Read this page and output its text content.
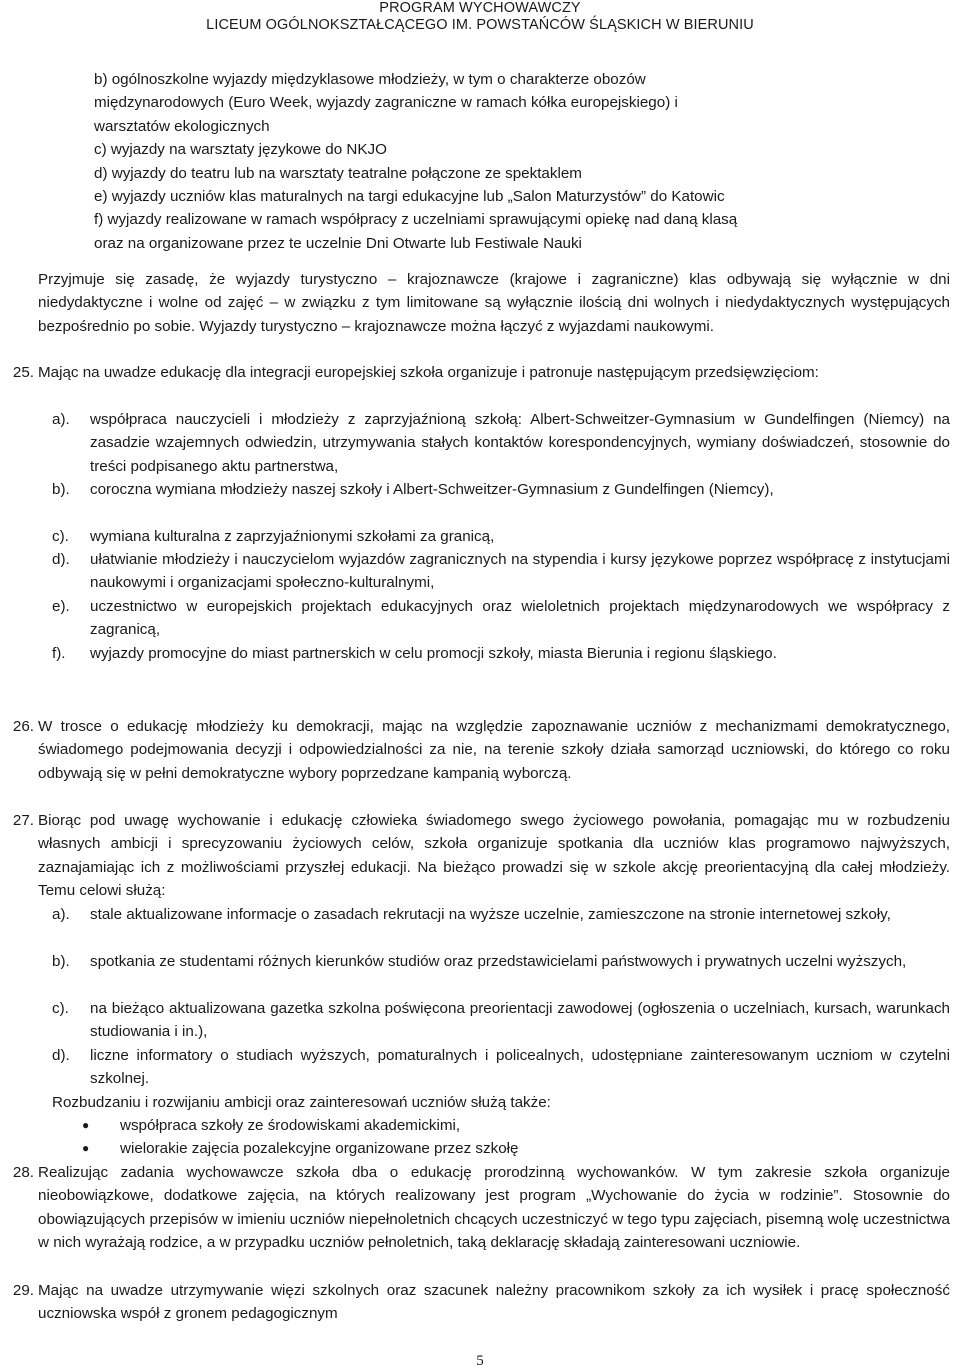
PROGRAM WYCHOWAWCZY
LICEUM OGÓLNOKSZTAŁCĄCEGO IM. POWSTAŃCÓW ŚLĄSKICH W BIERUNIU
b) ogólnoszkolne wyjazdy międzyklasowe młodzieży, w tym o charakterze obozów
międzynarodowych (Euro Week, wyjazdy zagraniczne w ramach kółka europejskiego) i
warsztatów ekologicznych
c) wyjazdy na warsztaty językowe do NKJO
d) wyjazdy do teatru lub na warsztaty teatralne połączone ze spektaklem
e) wyjazdy uczniów klas maturalnych na targi edukacyjne lub „Salon Maturzystów” do Katowic
f) wyjazdy realizowane w ramach współpracy z uczelniami sprawującymi opiekę nad daną klasą
oraz na organizowane przez te uczelnie Dni Otwarte lub Festiwale Nauki

Przyjmuje się zasadę, że wyjazdy turystyczno – krajoznawcze (krajowe i zagraniczne) klas odbywają się wyłącznie w dni niedydaktyczne i wolne od zajęć – w związku z tym limitowane są wyłącznie ilością dni wolnych i niedydaktycznych występujących bezpośrednio po sobie. Wyjazdy turystyczno – krajoznawcze można łączyć z wyjazdami naukowymi.

25. Mając na uwadze edukację dla integracji europejskiej szkoła organizuje i patronuje następującym przedsięwzięciom:

a).	współpraca nauczycieli i młodzieży z zaprzyjaźnioną szkołą: Albert-Schweitzer-Gymnasium w Gundelfingen (Niemcy) na zasadzie wzajemnych odwiedzin, utrzymywania stałych kontaktów korespondencyjnych, wymiany doświadczeń, stosownie do treści podpisanego aktu partnerstwa,

b).	coroczna wymiana młodzieży naszej szkoły i Albert-Schweitzer-Gymnasium z Gundelfingen (Niemcy),

c).	wymiana kulturalna z zaprzyjaźnionymi szkołami za granicą,

d).	ułatwianie młodzieży i nauczycielom wyjazdów zagranicznych na stypendia i kursy językowe poprzez współpracę z instytucjami naukowymi i organizacjami społeczno-kulturalnymi,

e).	uczestnictwo w europejskich projektach edukacyjnych oraz wieloletnich projektach międzynarodowych we współpracy z zagranicą,

f).	wyjazdy promocyjne do miast partnerskich w celu promocji szkoły, miasta Bierunia i regionu śląskiego.

26. W trosce o edukację młodzieży ku demokracji, mając na względzie zapoznawanie uczniów z mechanizmami demokratycznego, świadomego podejmowania decyzji i odpowiedzialności za nie, na terenie szkoły działa samorząd uczniowski, do którego co roku odbywają się w pełni demokratyczne wybory poprzedzane kampanią wyborczą.

27. Biorąc pod uwagę wychowanie i edukację człowieka świadomego swego życiowego powołania, pomagając mu w rozbudzeniu własnych ambicji i sprecyzowaniu życiowych celów, szkoła organizuje spotkania dla uczniów klas programowo najwyższych, zaznajamiając ich z możliwościami przyszłej edukacji. Na bieżąco prowadzi się w szkole akcję preorientacyjną dla całej młodzieży. Temu celowi służą:

a).	stale aktualizowane informacje o zasadach rekrutacji na wyższe uczelnie, zamieszczone na stronie internetowej szkoły,

b).	spotkania ze studentami różnych kierunków studiów oraz przedstawicielami państwowych i prywatnych uczelni wyższych,

c).	na bieżąco aktualizowana gazetka szkolna poświęcona preorientacji zawodowej (ogłoszenia o uczelniach, kursach, warunkach studiowania i in.),

d).	liczne informatory o studiach wyższych, pomaturalnych i policealnych, udostępniane zainteresowanym uczniom w czytelni szkolnej.

Rozbudzaniu i rozwijaniu ambicji oraz zainteresowań uczniów służą także:
● współpraca szkoły ze środowiskami akademickimi,
● wielorakie zajęcia pozalekcyjne organizowane przez szkołę
28. Realizując zadania wychowawcze szkoła dba o edukację prorodzinną wychowanków. W tym zakresie szkoła organizuje nieobowiązkowe, dodatkowe zajęcia, na których realizowany jest program „Wychowanie do życia w rodzinie”. Stosownie do obowiązujących przepisów w imieniu uczniów niepełnoletnich chcących uczestniczyć w tego typu zajęciach, pisemną wolę uczestnictwa w nich wyrażają rodzice, a w przypadku uczniów pełnoletnich, taką deklarację składają zainteresowani uczniowie.

29. Mając na uwadze utrzymywanie więzi szkolnych oraz szacunek należny pracownikom szkoły za ich wysiłek i pracę społeczność uczniowska współ z gronem pedagogicznym

5
